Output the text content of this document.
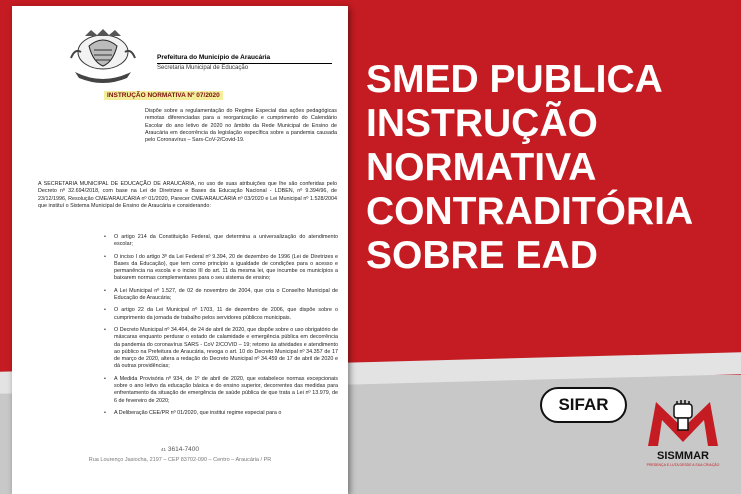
Prefeitura do Município de Araucária
Secretaria Municipal de Educação
INSTRUÇÃO NORMATIVA Nº 07/2020
Dispõe sobre a regulamentação do Regime Especial das ações pedagógicas remotas diferenciadas para a reorganização e cumprimento do Calendário Escolar do ano letivo de 2020 no âmbito da Rede Municipal de Ensino de Araucária em decorrência da legislação específica sobre a pandemia causada pelo Coronavírus – Sars-CoV-2/Covid-19.
A SECRETARIA MUNICIPAL DE EDUCAÇÃO DE ARAUCÁRIA, no uso de suas atribuições que lhe são conferidas pelo Decreto nº 32.694/2018, com base na Lei de Diretrizes e Bases da Educação Nacional - LDBEN, nº 9.394/96, de 23/12/1996, Resolução CME/ARAUCÁRIA nº 01/2020, Parecer CME/ARAUCÁRIA nº 03/2020 e Lei Municipal nº 1.528/2004 que instituí o Sistema Municipal de Ensino de Araucária e considerando:
• O artigo 214 da Constituição Federal, que determina a universalização do atendimento escolar;
• O inciso I do artigo 3º da Lei Federal nº 9.394, 20 de dezembro de 1996 (Lei de Diretrizes e Bases da Educação), que tem como princípio a igualdade de condições para o acesso e permanência na escola e o inciso III do art. 11 da mesma lei, que incumbe os municípios a baixarem normas complementares para o seu sistema de ensino;
• A Lei Municipal nº 1.527, de 02 de novembro de 2004, que cria o Conselho Municipal de Educação de Araucária;
• O artigo 22 da Lei Municipal nº 1703, 11 de dezembro de 2006, que dispõe sobre o cumprimento da jornada de trabalho pelos servidores públicos municipais.
• O Decreto Municipal nº 34.464, de 24 de abril de 2020, que dispõe sobre o uso obrigatório de máscaras enquanto perdurar o estado de calamidade e emergência pública em decorrência da pandemia do coronavírus SARS - CoV 2/COVID – 19; retomo às atividades e atendimento ao público na Prefeitura de Araucária, revoga o art. 10 do Decreto Municipal nº 34.357 de 17 de março de 2020, altera a redação do Decreto Municipal nº 34.459 de 17 de abril de 2020 e dá outras providências;
• A Medida Provisória nº 934, de 1º de abril de 2020, que estabelece normas excepcionais sobre o ano letivo da educação básica e do ensino superior, decorrentes das medidas para enfrentamento da situação de emergência de saúde pública de que trata a Lei nº 13.979, de 6 de fevereiro de 2020;
• A Deliberação CEE/PR nº 01/2020, que institui regime especial para o
41 3614-7400
Rua Lourenço Jasiocha, 2197 – CEP 83702-090 – Centro – Araucária / PR
SMED PUBLICA
INSTRUÇÃO
NORMATIVA
CONTRADITÓRIA
SOBRE EAD
SIFAR
SISMMAR
PRESENÇA E LUTA DESDE A SUA CRIAÇÃO
